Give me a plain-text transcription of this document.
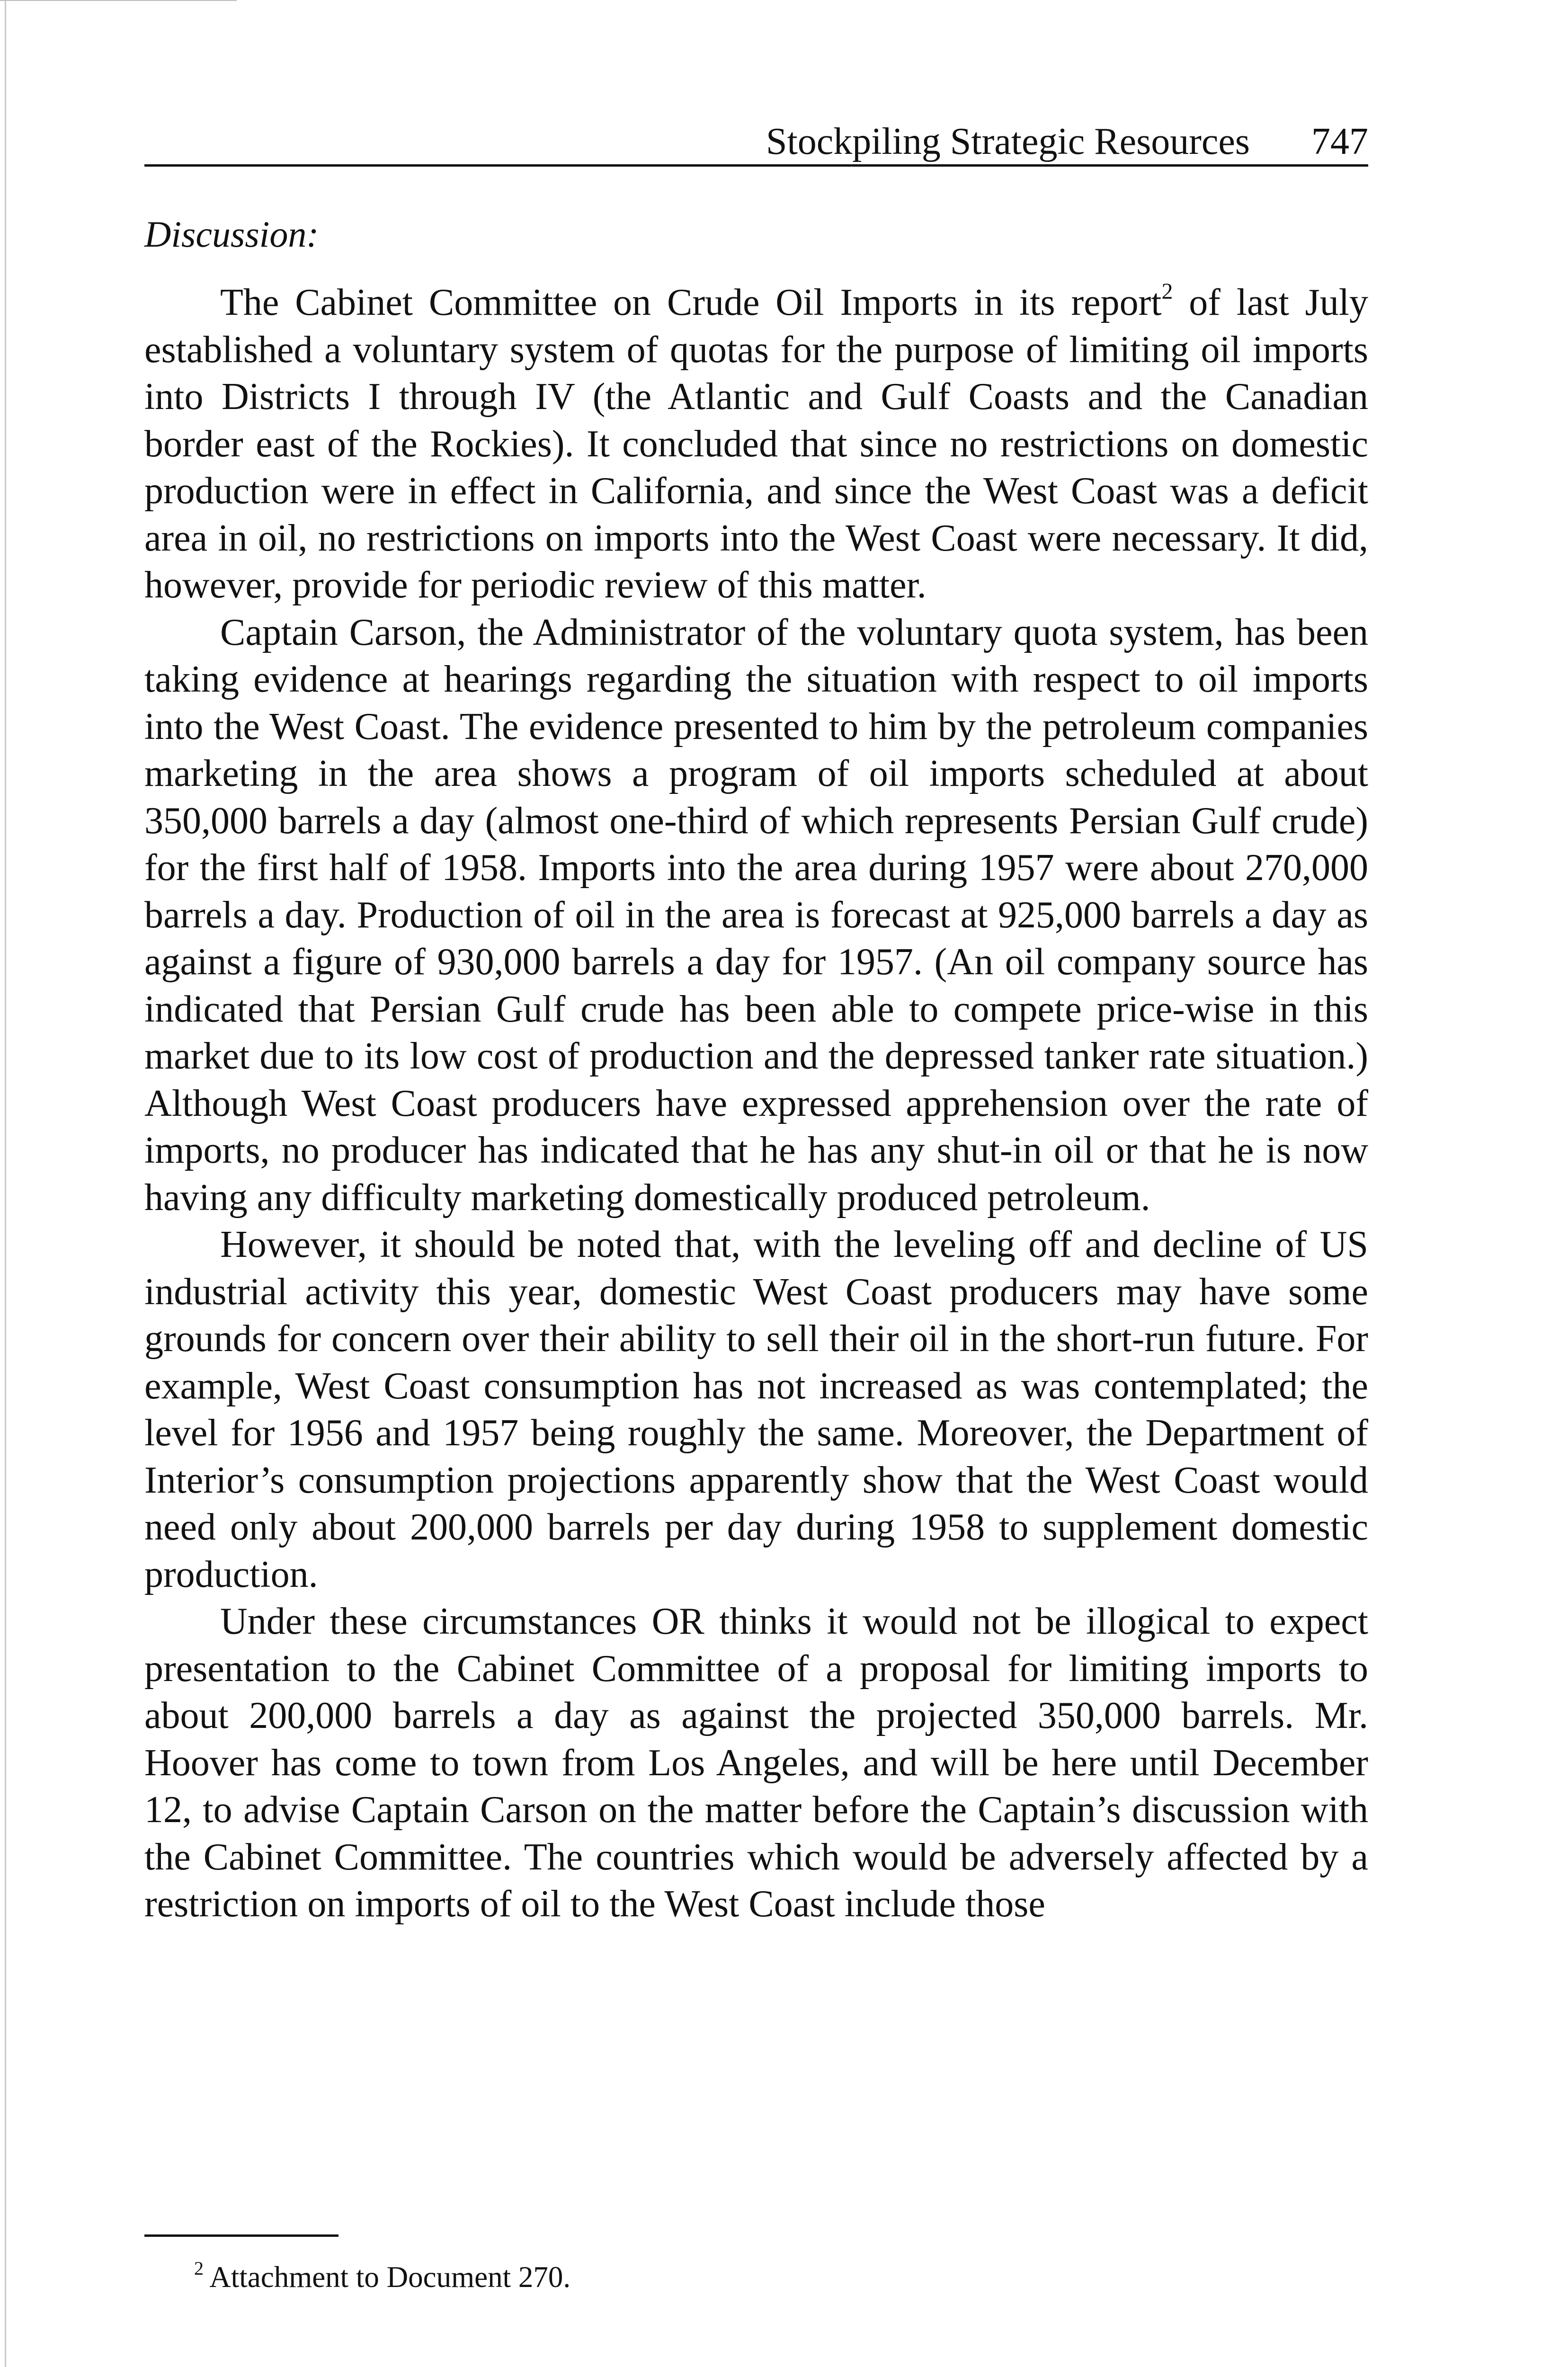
Stockpiling Strategic Resources 747
Discussion:

The Cabinet Committee on Crude Oil Imports in its report$^2$ of last July established a voluntary system of quotas for the purpose of limiting oil imports into Districts I through IV (the Atlantic and Gulf Coasts and the Canadian border east of the Rockies). It concluded that since no restrictions on domestic production were in effect in California, and since the West Coast was a deficit area in oil, no restrictions on imports into the West Coast were necessary. It did, however, provide for periodic review of this matter.

Captain Carson, the Administrator of the voluntary quota system, has been taking evidence at hearings regarding the situation with respect to oil imports into the West Coast. The evidence presented to him by the petroleum companies marketing in the area shows a program of oil imports scheduled at about 350,000 barrels a day (almost one-third of which represents Persian Gulf crude) for the first half of 1958. Imports into the area during 1957 were about 270,000 barrels a day. Production of oil in the area is forecast at 925,000 barrels a day as against a figure of 930,000 barrels a day for 1957. (An oil company source has indicated that Persian Gulf crude has been able to compete price-wise in this market due to its low cost of production and the depressed tanker rate situation.) Although West Coast producers have expressed apprehension over the rate of imports, no producer has indicated that he has any shut-in oil or that he is now having any difficulty marketing domestically produced petroleum.

However, it should be noted that, with the leveling off and decline of US industrial activity this year, domestic West Coast producers may have some grounds for concern over their ability to sell their oil in the short-run future. For example, West Coast consumption has not increased as was contemplated; the level for 1956 and 1957 being roughly the same. Moreover, the Department of Interior’s consumption projections apparently show that the West Coast would need only about 200,000 barrels per day during 1958 to supplement domestic production.

Under these circumstances OR thinks it would not be illogical to expect presentation to the Cabinet Committee of a proposal for limiting imports to about 200,000 barrels a day as against the projected 350,000 barrels. Mr. Hoover has come to town from Los Angeles, and will be here until December 12, to advise Captain Carson on the matter before the Captain’s discussion with the Cabinet Committee. The countries which would be adversely affected by a restriction on imports of oil to the West Coast include those

$^2$ Attachment to Document 270.
